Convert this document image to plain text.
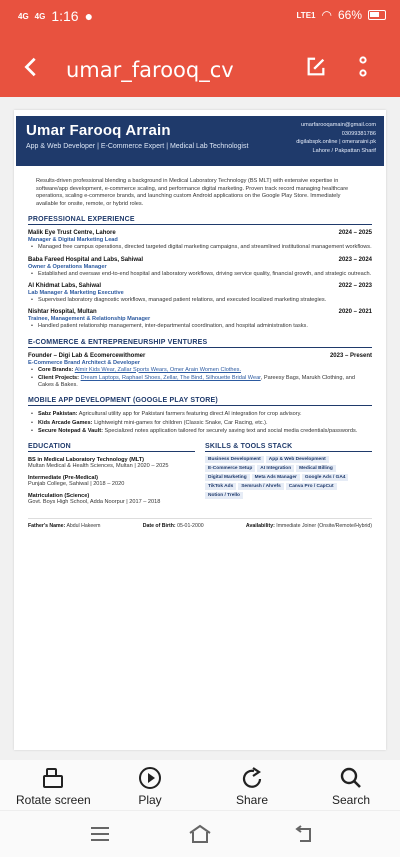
4G 4G 1:16 ●	LTE1 ◠ 66%
umar_farooq_cv
Umar Farooq Arrain
App & Web Developer | E-Commerce Expert | Medical Lab Technologist
umarfarooqamain@gmail.com
03099381786
digilabspk.online | omeraraini.pk
Lahore / Pakpattan Sharif
Results-driven professional blending a background in Medical Laboratory Technology (BS MLT) with extensive expertise in software/app development, e-commerce scaling, and performance digital marketing. Proven track record managing healthcare operations, scaling e-commerce brands, and launching custom Android applications on the Google Play Store. Immediately available for onsite, remote, or hybrid roles.
PROFESSIONAL EXPERIENCE
Malik Eye Trust Centre, Lahore	2024 – 2025
Manager & Digital Marketing Lead
• Managed free campus operations, directed targeted digital marketing campaigns, and streamlined institutional management workflows.
Baba Fareed Hospital and Labs, Sahiwal	2023 – 2024
Owner & Operations Manager
• Established and oversaw end-to-end hospital and laboratory workflows, driving service quality, financial growth, and strategic outreach.
Al Khidmat Labs, Sahiwal	2022 – 2023
Lab Manager & Marketing Executive
• Supervised laboratory diagnostic workflows, managed patient relations, and executed localized marketing strategies.
Nishtar Hospital, Multan	2020 – 2021
Trainee, Management & Relationship Manager
• Handled patient relationship management, inter-departmental coordination, and hospital administration tasks.
E-COMMERCE & ENTREPRENEURSHIP VENTURES
Founder – Digi Lab & Ecomercewithomer	2023 – Present
E-Commerce Brand Architect & Developer
• Core Brands: Almir Kids Wear, Zallar Sports Wears, Omer Arain Women Clothes.
• Client Projects: Dream Laptops, Raphael Shoes, Zellar, The Bind, Silhouette Bridal Wear, Pareesy Bags, Marukh Clothing, and Cakes & Bakes.
MOBILE APP DEVELOPMENT (GOOGLE PLAY STORE)
• Sabz Pakistan: Agricultural utility app for Pakistani farmers featuring direct AI integration for crop advisory.
• Kids Arcade Games: Lightweight mini-games for children (Classic Snake, Car Racing, etc.).
• Secure Notepad & Vault: Specialized notes application tailored for securely saving text and social media credentials/passwords.
EDUCATION
BS in Medical Laboratory Technology (MLT)
Multan Medical & Health Sciences, Multan | 2020 – 2025
Intermediate (Pre-Medical)
Punjab College, Sahiwal | 2018 – 2020
Matriculation (Science)
Govt. Boys High School, Adda Noorpur | 2017 – 2018
SKILLS & TOOLS STACK
Business Development	App & Web Development
E-Commerce Setup	AI Integration	Medical Billing
Digital Marketing	Meta Ads Manager	Google Ads / GA4
TikTok Ads	Semrush / Ahrefs	Canva Pro / CapCut
Notion / Trello
Father's Name: Abdul Hakeem	Date of Birth: 05-01-2000	Availability: Immediate Joiner (Onsite/Remote/Hybrid)
Rotate screen	Play	Share	Search
